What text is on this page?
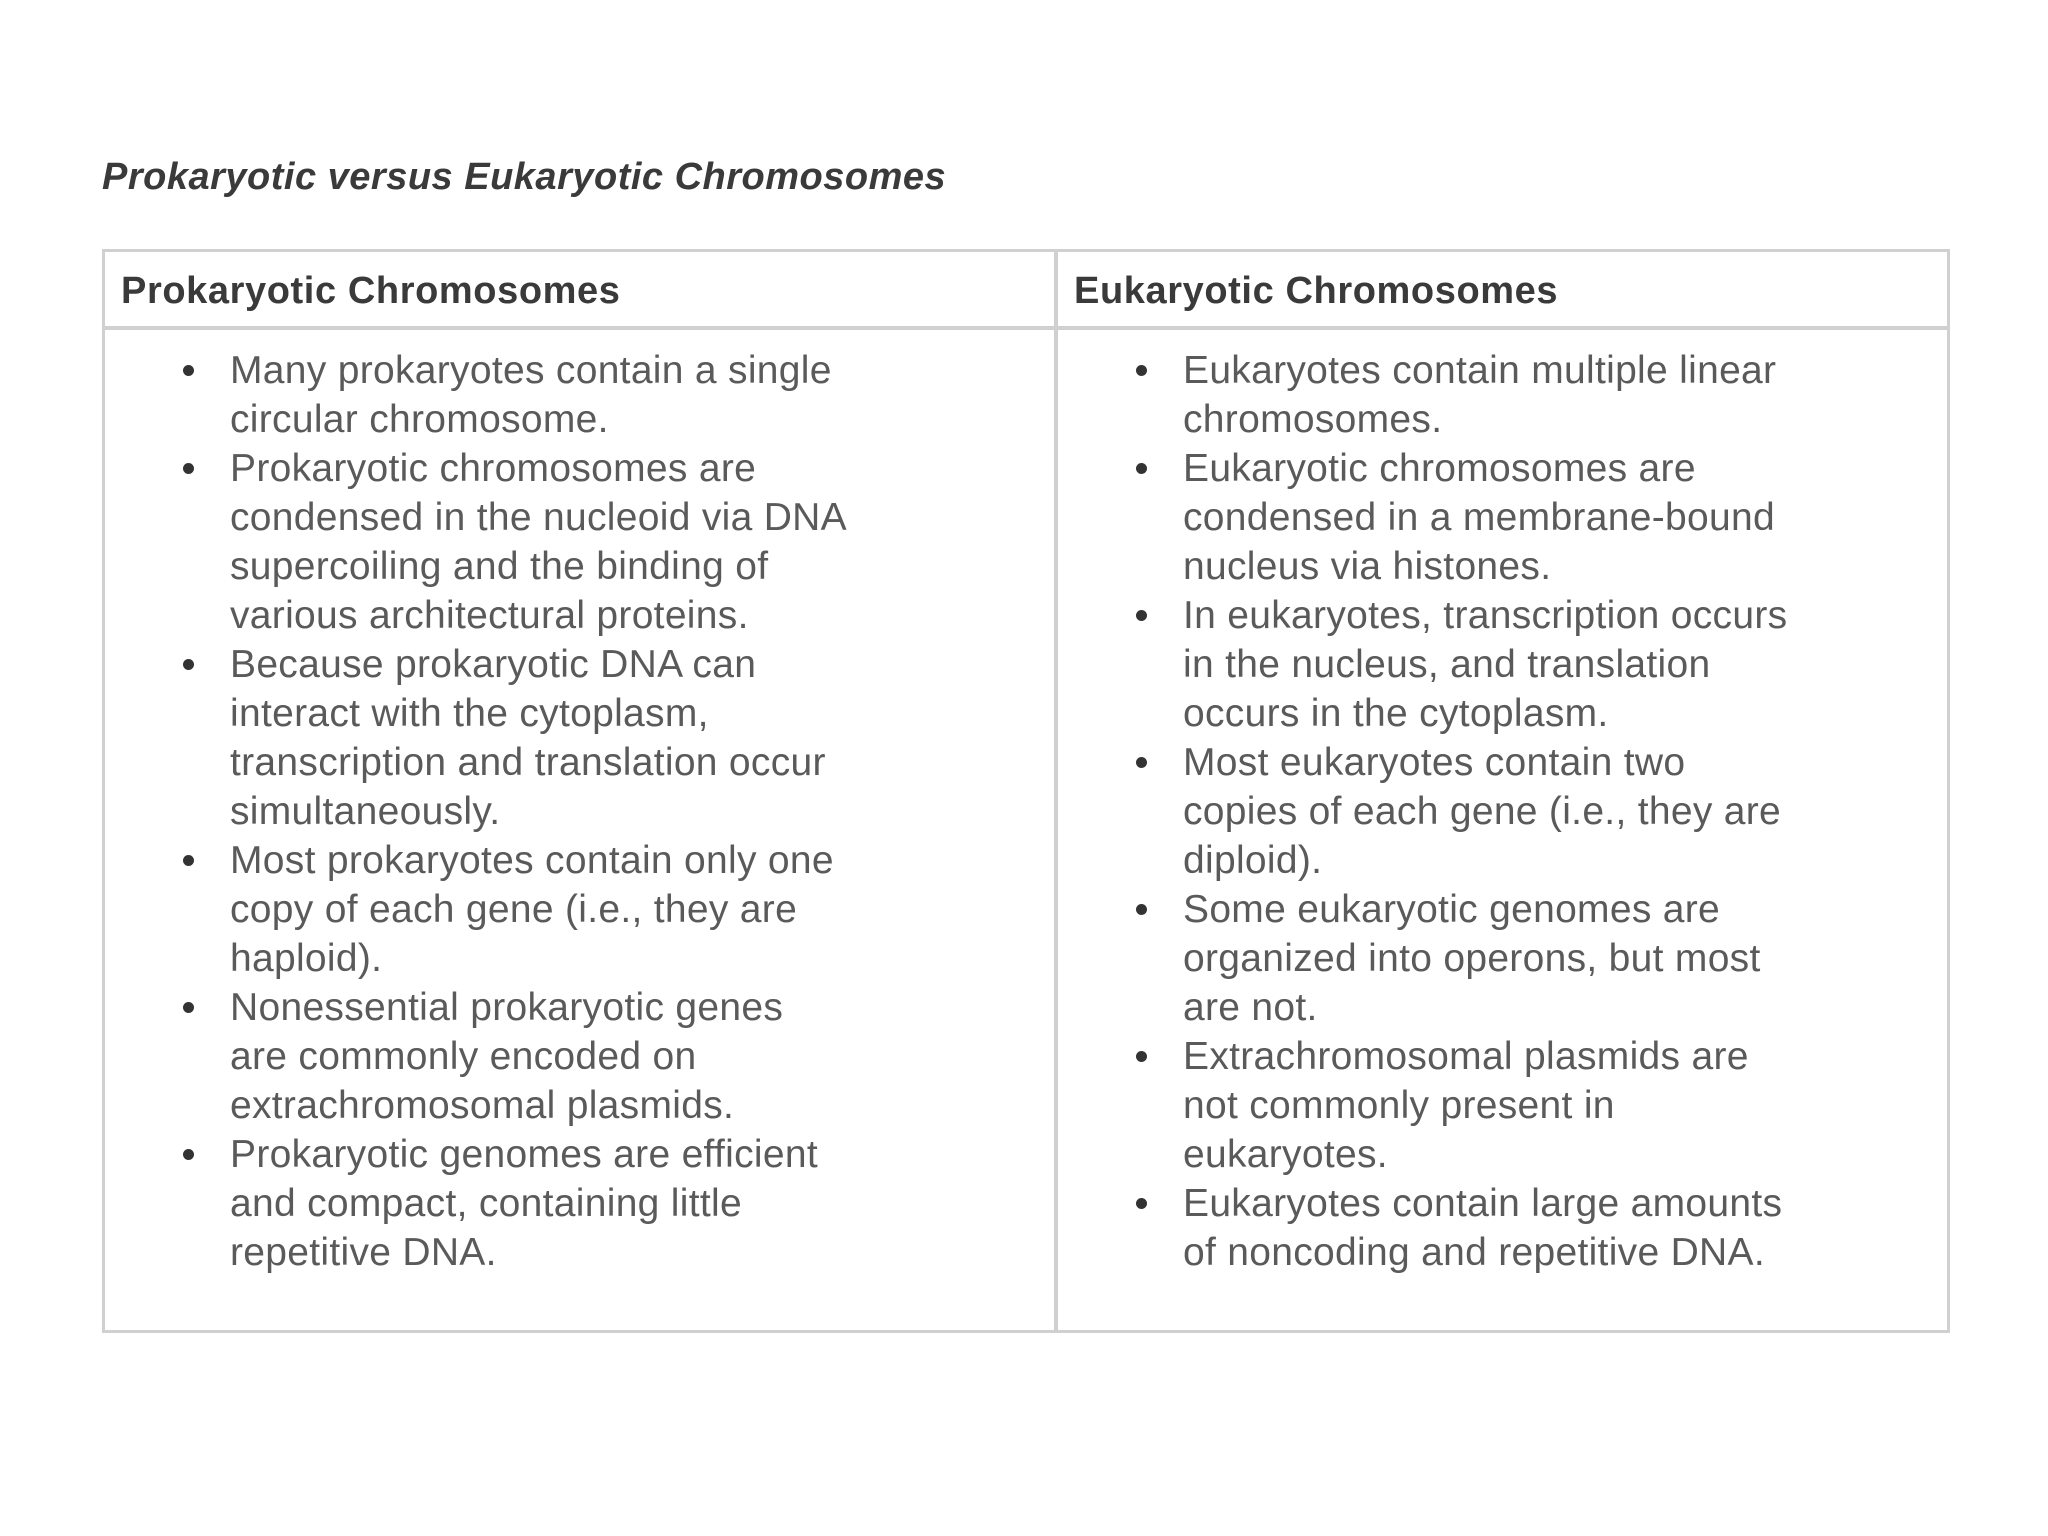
Prokaryotic versus Eukaryotic Chromosomes
Prokaryotic Chromosomes	Eukaryotic Chromosomes
Many prokaryotes contain a single
circular chromosome.
Prokaryotic chromosomes are
condensed in the nucleoid via DNA
supercoiling and the binding of
various architectural proteins.
Because prokaryotic DNA can
interact with the cytoplasm,
transcription and translation occur
simultaneously.
Most prokaryotes contain only one
copy of each gene (i.e., they are
haploid).
Nonessential prokaryotic genes
are commonly encoded on
extrachromosomal plasmids.
Prokaryotic genomes are efficient
and compact, containing little
repetitive DNA.
Eukaryotes contain multiple linear
chromosomes.
Eukaryotic chromosomes are
condensed in a membrane-bound
nucleus via histones.
In eukaryotes, transcription occurs
in the nucleus, and translation
occurs in the cytoplasm.
Most eukaryotes contain two
copies of each gene (i.e., they are
diploid).
Some eukaryotic genomes are
organized into operons, but most
are not.
Extrachromosomal plasmids are
not commonly present in
eukaryotes.
Eukaryotes contain large amounts
of noncoding and repetitive DNA.
